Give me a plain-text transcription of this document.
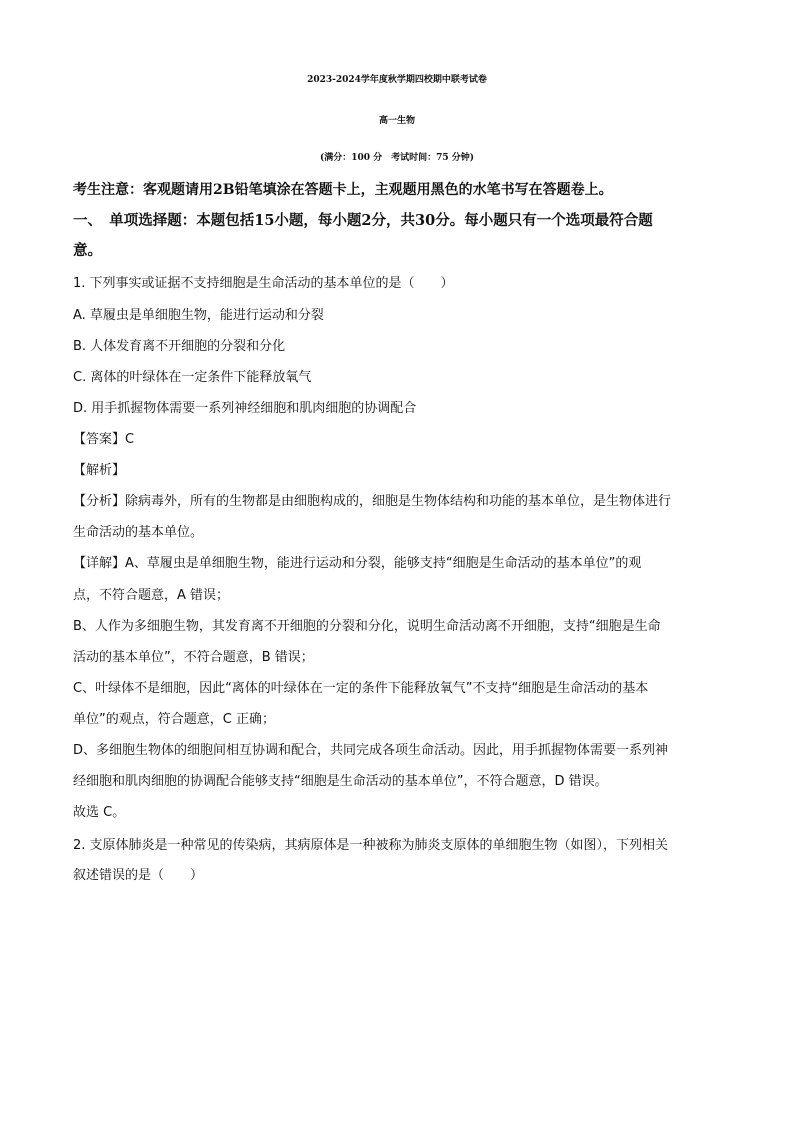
2023-2024学年度秋学期四校期中联考试卷
高一生物
(满分：100 分　考试时间：75 分钟)
考生注意：客观题请用2B铅笔填涂在答题卡上，主观题用黑色的水笔书写在答题卷上。
一、　单项选择题：本题包括15小题，每小题2分，共30分。每小题只有一个选项最符合题
意。
1. 下列事实或证据不支持细胞是生命活动的基本单位的是（　　）
A. 草履虫是单细胞生物，能进行运动和分裂
B. 人体发育离不开细胞的分裂和分化
C. 离体的叶绿体在一定条件下能释放氧气
D. 用手抓握物体需要一系列神经细胞和肌肉细胞的协调配合
【答案】C
【解析】
【分析】除病毒外，所有的生物都是由细胞构成的，细胞是生物体结构和功能的基本单位，是生物体进行
生命活动的基本单位。
【详解】A、草履虫是单细胞生物，能进行运动和分裂，能够支持“细胞是生命活动的基本单位”的观
点，不符合题意，A 错误；
B、人作为多细胞生物，其发育离不开细胞的分裂和分化，说明生命活动离不开细胞，支持“细胞是生命
活动的基本单位”，不符合题意，B 错误；
C、叶绿体不是细胞，因此“离体的叶绿体在一定的条件下能释放氧气”不支持“细胞是生命活动的基本
单位”的观点，符合题意，C 正确；
D、多细胞生物体的细胞间相互协调和配合，共同完成各项生命活动。因此，用手抓握物体需要一系列神
经细胞和肌肉细胞的协调配合能够支持“细胞是生命活动的基本单位”，不符合题意，D 错误。
故选 C。
2. 支原体肺炎是一种常见的传染病，其病原体是一种被称为肺炎支原体的单细胞生物（如图），下列相关
叙述错误的是（　　）
